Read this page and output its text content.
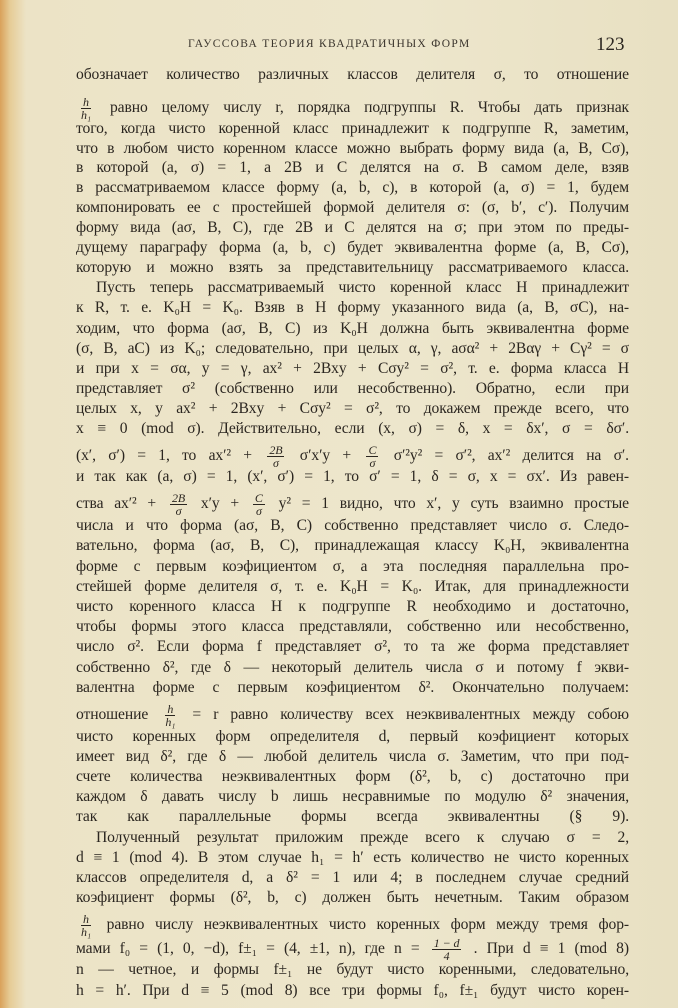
ГАУССОВА ТЕОРИЯ КВАДРАТИЧНЫХ ФОРМ	123
обозначает количество различных классов делителя σ, то отношение
$\frac{h}{\text{h₁}}$ равно целому числу r, порядка подгруппы R. Чтобы дать признак
того, когда чисто коренной класс принадлежит к подгруппе R, заметим,
что в любом чисто коренном классе можно выбрать форму вида (a, B, Cσ),
в которой (a, σ) = 1, а 2B и C делятся на σ. В самом деле, взяв
в рассматриваемом классе форму (a, b, c), в которой (a, σ) = 1, будем
компонировать ее с простейшей формой делителя σ: (σ, b′, c′). Получим
форму вида (aσ, B, C), где 2B и C делятся на σ; при этом по преды-
дущему параграфу форма (a, b, c) будет эквивалентна форме (a, B, Cσ),
которую и можно взять за представительницу рассматриваемого класса.
Пусть теперь рассматриваемый чисто коренной класс H принадлежит
к R, т. е. K₀H = K₀. Взяв в H форму указанного вида (a, B, σC), на-
ходим, что форма (aσ, B, C) из K₀H должна быть эквивалентна форме
(σ, B, aC) из K₀; следовательно, при целых α, γ, aσα² + 2Bαγ + Cγ² = σ
и при x = σα, y = γ, ax² + 2Bxy + Cσy² = σ², т. е. форма класса H
представляет σ² (собственно или несобственно). Обратно, если при
целых x, y ax² + 2Bxy + Cσy² = σ², то докажем прежде всего, что
x ≡ 0 (mod σ). Действительно, если (x, σ) = δ, x = δx′, σ = δσ′.
(x′, σ′) = 1, то $ax'^2 + \frac{2B}{\sigma} \sigma'x'y + \frac{C}{\sigma} \sigma'^2y^2 = \sigma'^2$, ax′² делится на σ′.
и так как (a, σ) = 1, (x′, σ′) = 1, то σ′ = 1, δ = σ, x = σx′. Из равен-
ства $ax'^2 + \frac{2B}{\sigma} x'y + \frac{C}{\sigma} y^2 = 1$ видно, что x′, y суть взаимно простые
числа и что форма (aσ, B, C) собственно представляет число σ. Следо-
вательно, форма (aσ, B, C), принадлежащая классу K₀H, эквивалентна
форме с первым коэфициентом σ, а эта последняя параллельна про-
стейшей форме делителя σ, т. е. K₀H = K₀. Итак, для принадлежности
чисто коренного класса H к подгруппе R необходимо и достаточно,
чтобы формы этого класса представляли, собственно или несобственно,
число σ². Если форма f представляет σ², то та же форма представляет
собственно δ², где δ — некоторый делитель числа σ и потому f экви-
валентна форме с первым коэфициентом δ². Окончательно получаем:
отношение $\frac{h}{\text{h₁}} = r$ равно количеству всех неэквивалентных между собою
чисто коренных форм определителя d, первый коэфициент которых
имеет вид δ², где δ — любой делитель числа σ. Заметим, что при под-
счете количества неэквивалентных форм (δ², b, c) достаточно при
каждом δ давать числу b лишь несравнимые по модулю δ² значения,
так как параллельные формы всегда эквивалентны (§ 9).
Полученный результат приложим прежде всего к случаю σ = 2,
d ≡ 1 (mod 4). В этом случае h₁ = h′ есть количество не чисто коренных
классов определителя d, а δ² = 1 или 4; в последнем случае средний
коэфициент формы (δ², b, c) должен быть нечетным. Таким образом
$\frac{h}{\text{h₁}}$ равно числу неэквивалентных чисто коренных форм между тремя фор-
мами f₀ = (1, 0, −d), f±₁ = (4, ±1, n), где $n = \frac{1 - d}{4}$ . При d ≡ 1 (mod 8)
n — четное, и формы f±₁ не будут чисто коренными, следовательно,
h = h′. При d ≡ 5 (mod 8) все три формы f₀, f±₁ будут чисто корен-
